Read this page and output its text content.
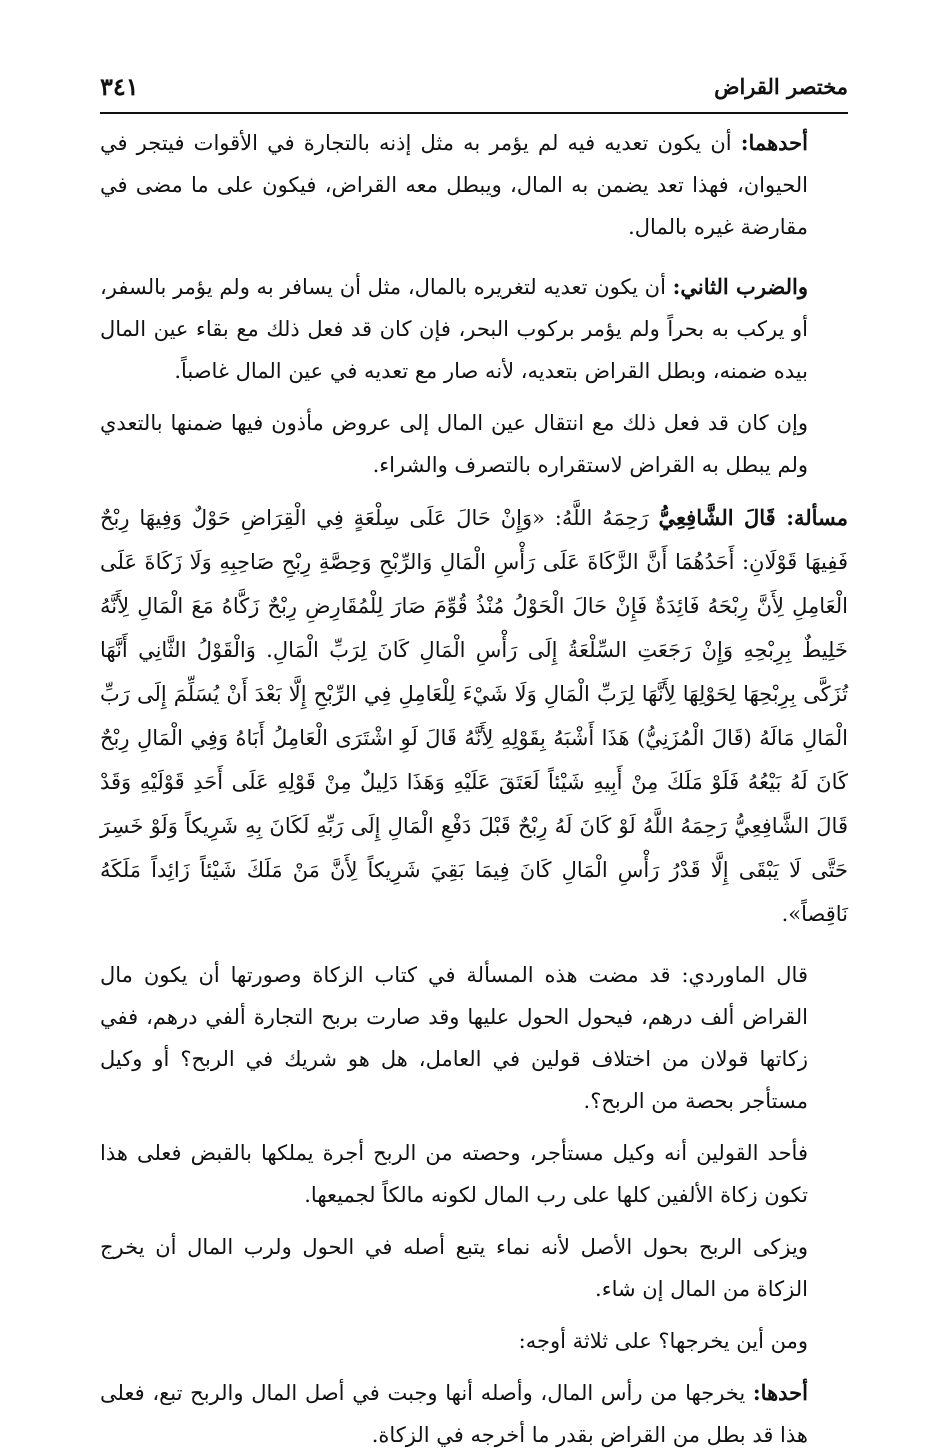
مختصر القراض
٣٤١

أحدهما: أن يكون تعديه فيه لم يؤمر به مثل إذنه بالتجارة في الأقوات فيتجر في الحيوان، فهذا تعد يضمن به المال، ويبطل معه القراض، فيكون على ما مضى في مقارضة غيره بالمال.

والضرب الثاني: أن يكون تعديه لتغريره بالمال، مثل أن يسافر به ولم يؤمر بالسفر، أو يركب به بحراً ولم يؤمر بركوب البحر، فإن كان قد فعل ذلك مع بقاء عين المال بيده ضمنه، وبطل القراض بتعديه، لأنه صار مع تعديه في عين المال غاصباً.

وإن كان قد فعل ذلك مع انتقال عين المال إلى عروض مأذون فيها ضمنها بالتعدي ولم يبطل به القراض لاستقراره بالتصرف والشراء.

مسألة: قَالَ الشَّافِعِيُّ رَحِمَهُ اللَّهُ: «وَإِنْ حَالَ عَلَى سِلْعَةٍ فِي الْقِرَاضِ حَوْلٌ وَفِيهَا رِبْحٌ فَفِيهَا قَوْلَانِ: أَحَدُهُمَا أَنَّ الزَّكَاةَ عَلَى رَأْسِ الْمَالِ وَالرِّبْحِ وَحِصَّةِ رِبْحِ صَاحِبِهِ وَلَا زَكَاةَ عَلَى الْعَامِلِ لِأَنَّ رِبْحَهُ فَائِدَةٌ فَإِنْ حَالَ الْحَوْلُ مُنْذُ قُوِّمَ صَارَ لِلْمُقَارِضِ رِبْحٌ زَكَّاهُ مَعَ الْمَالِ لِأَنَّهُ خَلِيطٌ بِرِبْحِهِ وَإِنْ رَجَعَتِ السِّلْعَةُ إِلَى رَأْسِ الْمَالِ كَانَ لِرَبِّ الْمَالِ. وَالْقَوْلُ الثَّانِي أَنَّهَا تُزَكَّى بِرِبْحِهَا لِحَوْلِهَا لِأَنَّهَا لِرَبِّ الْمَالِ وَلَا شَيْءَ لِلْعَامِلِ فِي الرِّبْحِ إِلَّا بَعْدَ أَنْ يُسَلِّمَ إِلَى رَبِّ الْمَالِ مَالَهُ (قَالَ الْمُزَنِيُّ) هَذَا أَشْبَهُ بِقَوْلِهِ لِأَنَّهُ قَالَ لَوِ اشْتَرَى الْعَامِلُ أَبَاهُ وَفِي الْمَالِ رِبْحٌ كَانَ لَهُ بَيْعُهُ فَلَوْ مَلَكَ مِنْ أَبِيهِ شَيْئاً لَعَتَقَ عَلَيْهِ وَهَذَا دَلِيلٌ مِنْ قَوْلِهِ عَلَى أَحَدِ قَوْلَيْهِ وَقَدْ قَالَ الشَّافِعِيُّ رَحِمَهُ اللَّهُ لَوْ كَانَ لَهُ رِبْحٌ قَبْلَ دَفْعِ الْمَالِ إِلَى رَبِّهِ لَكَانَ بِهِ شَرِيكاً وَلَوْ خَسِرَ حَتَّى لَا يَبْقَى إِلَّا قَدْرُ رَأْسِ الْمَالِ كَانَ فِيمَا بَقِيَ شَرِيكاً لِأَنَّ مَنْ مَلَكَ شَيْئاً زَائِداً مَلَكَهُ نَاقِصاً».

قال الماوردي: قد مضت هذه المسألة في كتاب الزكاة وصورتها أن يكون مال القراض ألف درهم، فيحول الحول عليها وقد صارت بربح التجارة ألفي درهم، ففي زكاتها قولان من اختلاف قولين في العامل، هل هو شريك في الربح؟ أو وكيل مستأجر بحصة من الربح؟.

فأحد القولين أنه وكيل مستأجر، وحصته من الربح أجرة يملكها بالقبض فعلى هذا تكون زكاة الألفين كلها على رب المال لكونه مالكاً لجميعها.

ويزكى الربح بحول الأصل لأنه نماء يتبع أصله في الحول ولرب المال أن يخرج الزكاة من المال إن شاء.

ومن أين يخرجها؟ على ثلاثة أوجه:

أحدها: يخرجها من رأس المال، وأصله أنها وجبت في أصل المال والربح تبع، فعلى هذا قد بطل من القراض بقدر ما أخرجه في الزكاة.
